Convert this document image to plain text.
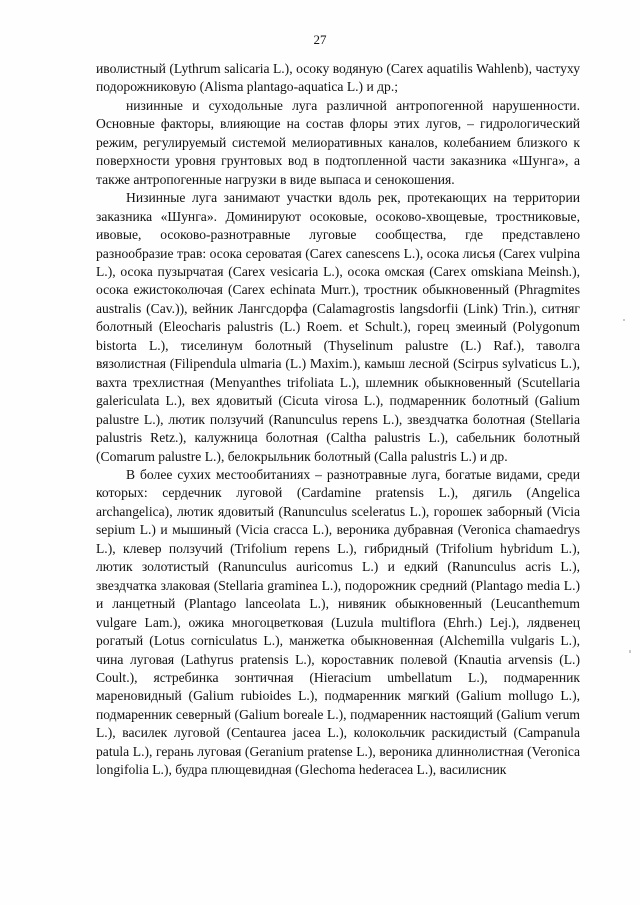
27

иволистный (Lythrum salicaria L.), осоку водяную (Carex aquatilis Wahlenb), частуху подорожниковую (Alisma plantago-aquatica L.) и др.;

низинные и суходольные луга различной антропогенной нарушенности. Основные факторы, влияющие на состав флоры этих лугов, – гидрологический режим, регулируемый системой мелиоративных каналов, колебанием близкого к поверхности уровня грунтовых вод в подтопленной части заказника «Шунга», а также антропогенные нагрузки в виде выпаса и сенокошения.

Низинные луга занимают участки вдоль рек, протекающих на территории заказника «Шунга». Доминируют осоковые, осоково-хвощевые, тростниковые, ивовые, осоково-разнотравные луговые сообщества, где представлено разнообразие трав: осока сероватая (Carex canescens L.), осока лисья (Carex vulpina L.), осока пузырчатая (Carex vesicaria L.), осока омская (Carex omskiana Meinsh.), осока ежистоколючая (Carex echinata Murr.), тростник обыкновенный (Phragmites australis (Cav.)), вейник Лангсдорфа (Calamagrostis langsdorfii (Link) Trin.), ситняг болотный (Eleocharis palustris (L.) Roem. et Schult.), горец змеиный (Polygonum bistorta L.), тиселинум болотный (Thyselinum palustre (L.) Raf.), таволга вязолистная (Filipendula ulmaria (L.) Maxim.), камыш лесной (Scirpus sylvaticus L.), вахта трехлистная (Menyanthes trifoliata L.), шлемник обыкновенный (Scutellaria galericulata L.), вех ядовитый (Cicuta virosa L.), подмаренник болотный (Galium palustre L.), лютик ползучий (Ranunculus repens L.), звездчатка болотная (Stellaria palustris Retz.), калужница болотная (Caltha palustris L.), сабельник болотный (Comarum palustre L.), белокрыльник болотный (Calla palustris L.) и др.

В более сухих местообитаниях – разнотравные луга, богатые видами, среди которых: сердечник луговой (Cardamine pratensis L.), дягиль (Angelica archangelica), лютик ядовитый (Ranunculus sceleratus L.), горошек заборный (Vicia sepium L.) и мышиный (Vicia cracca L.), вероника дубравная (Veronica chamaedrys L.), клевер ползучий (Trifolium repens L.), гибридный (Trifolium hybridum L.), лютик золотистый (Ranunculus auricomus L.) и едкий (Ranunculus acris L.), звездчатка злаковая (Stellaria graminea L.), подорожник средний (Plantago media L.) и ланцетный (Plantago lanceolata L.), нивяник обыкновенный (Leucanthemum vulgare Lam.), ожика многоцветковая (Luzula multiflora (Ehrh.) Lej.), лядвенец рогатый (Lotus corniculatus L.), манжетка обыкновенная (Alchemilla vulgaris L.), чина луговая (Lathyrus pratensis L.), короставник полевой (Knautia arvensis (L.) Coult.), ястребинка зонтичная (Hieracium umbellatum L.), подмаренник мареновидный (Galium rubioides L.), подмаренник мягкий (Galium mollugo L.), подмаренник северный (Galium boreale L.), подмаренник настоящий (Galium verum L.), василек луговой (Centaurea jacea L.), колокольчик раскидистый (Campanula patula L.), герань луговая (Geranium pratense L.), вероника длиннолистная (Veronica longifolia L.), будра плющевидная (Glechoma hederacea L.), василисник
